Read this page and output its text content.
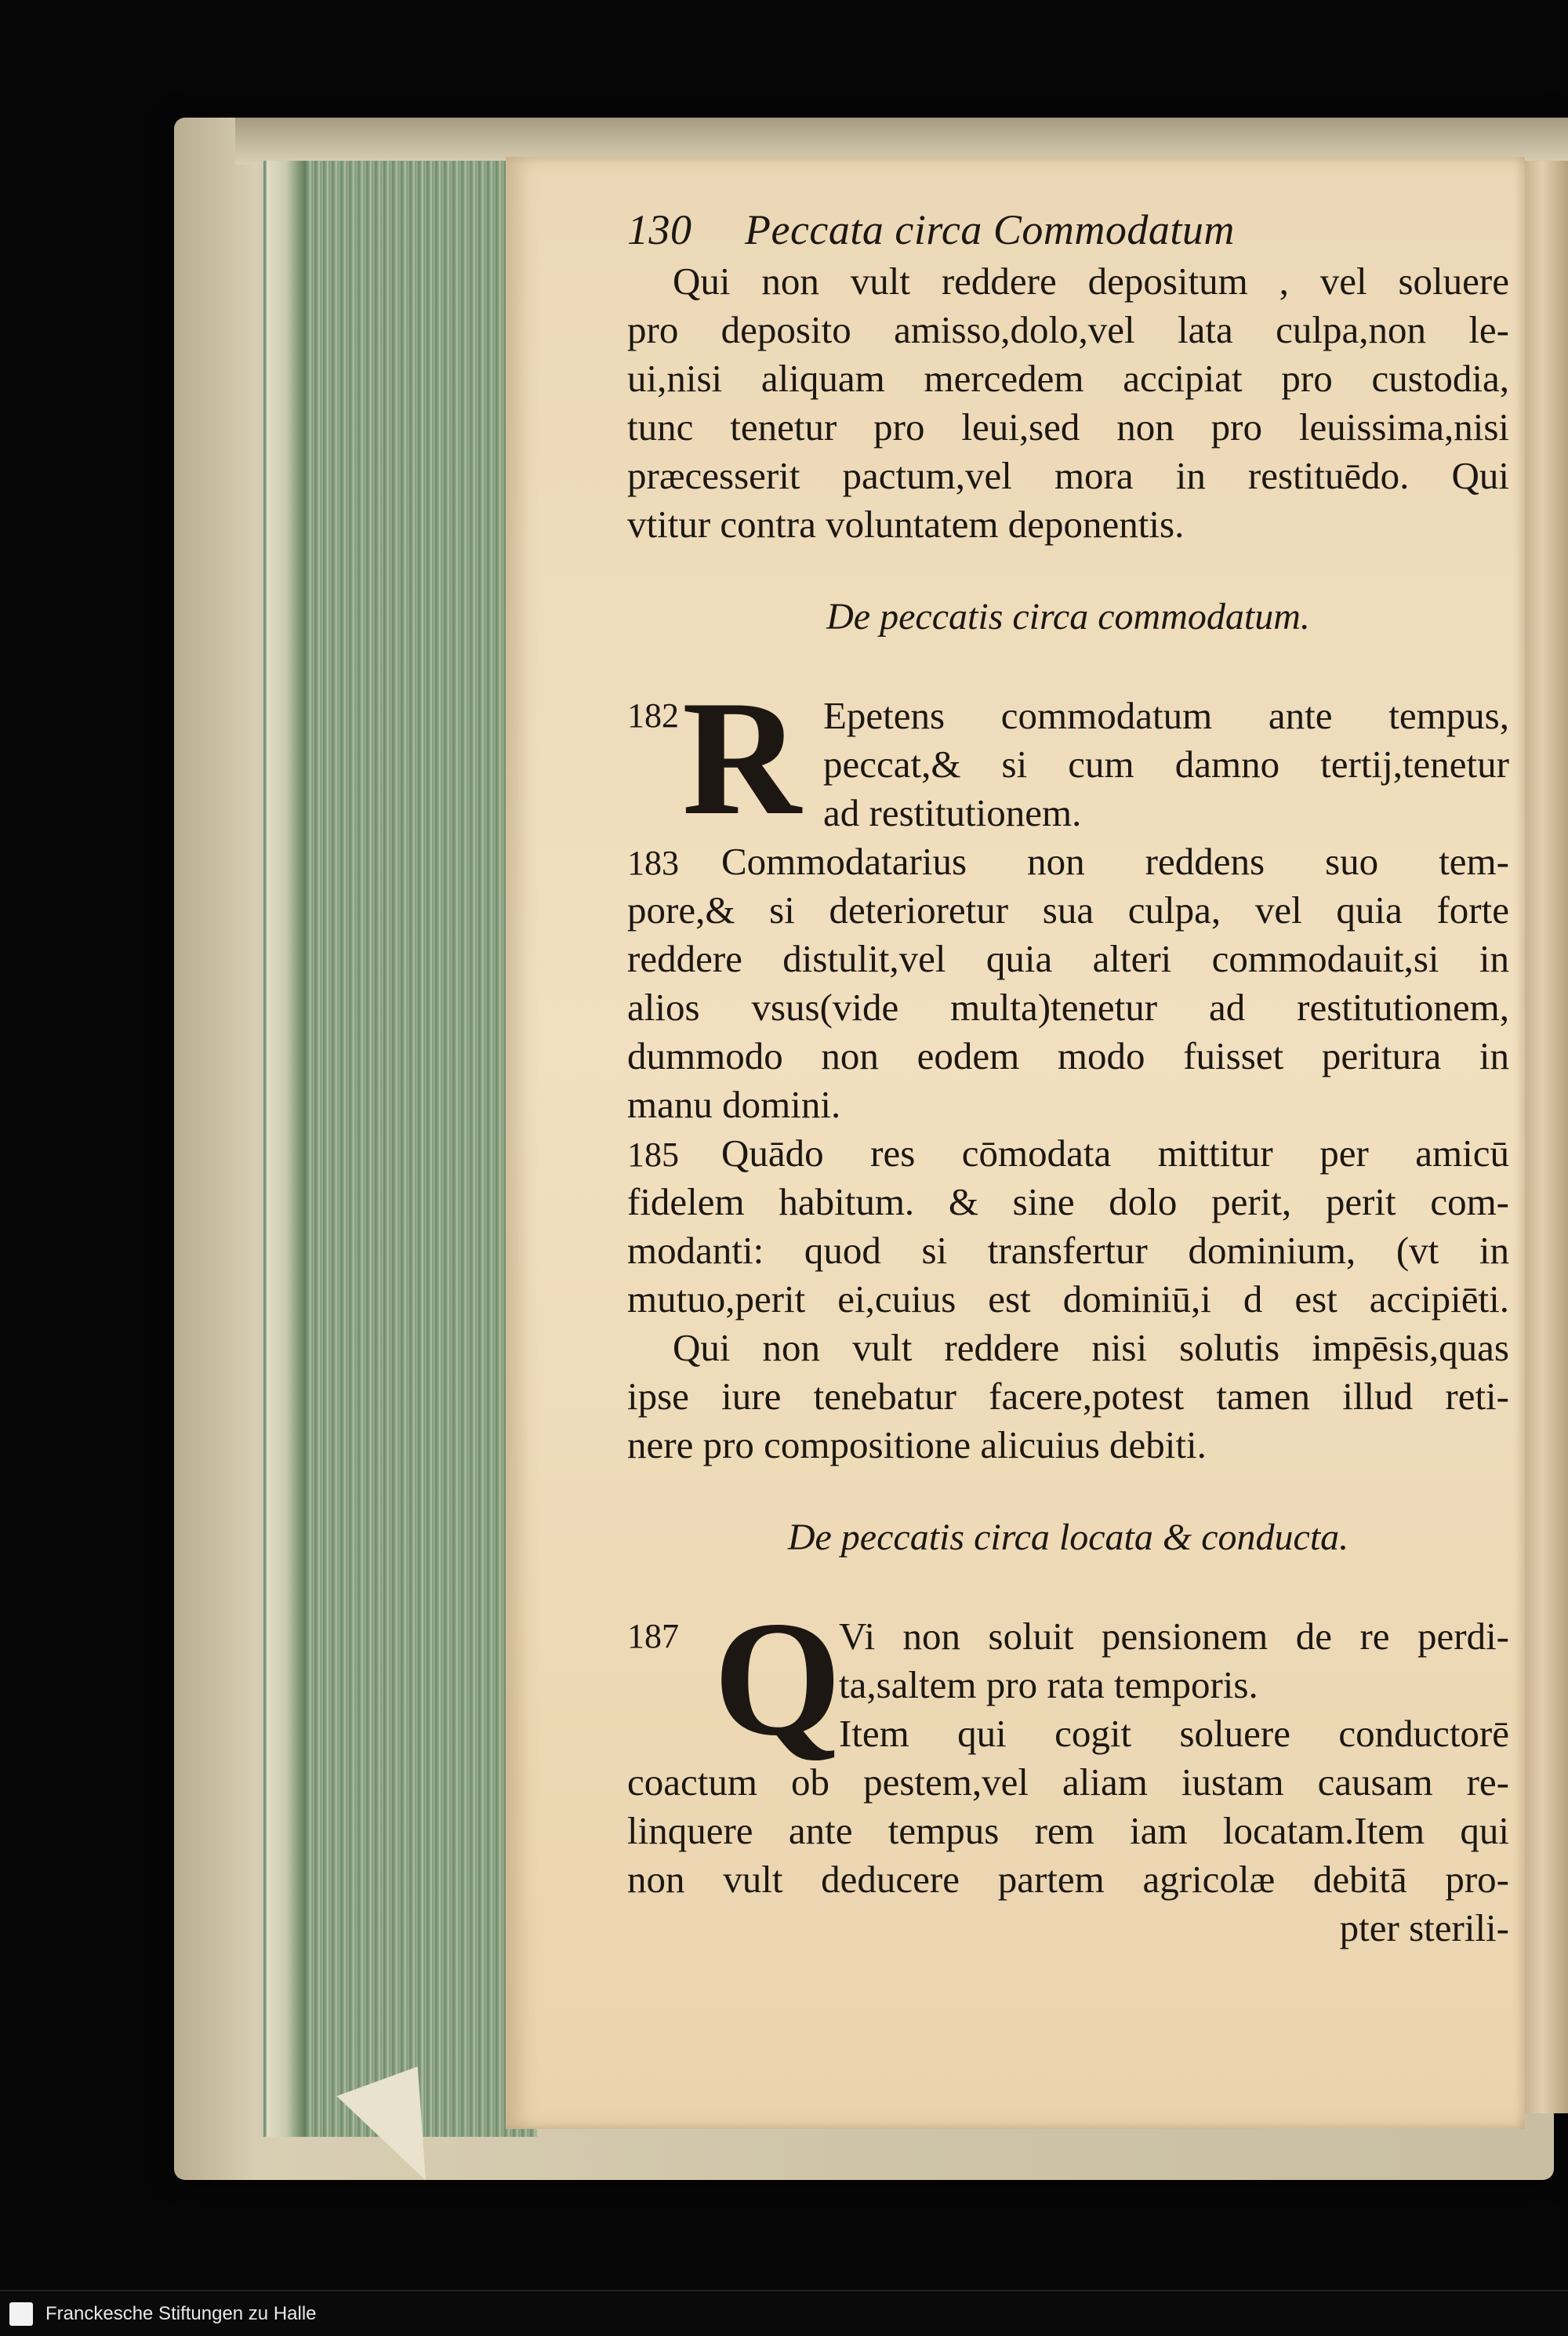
130	Peccata circa Commodatum
Qui non vult reddere depositum , vel soluere
pro deposito amisso,dolo,vel lata culpa,non le-
ui,nisi aliquam mercedem accipiat pro custodia,
tunc tenetur pro leui,sed non pro leuissima,nisi
præcesserit pactum,vel mora in restituēdo. Qui
vtitur contra voluntatem deponentis.
De peccatis circa commodatum.
182 R Epetens commodatum ante tempus,
peccat,& si cum damno tertij,tenetur
ad restitutionem.
183 Commodatarius non reddens suo tem-
pore,& si deterioretur sua culpa, vel quia forte
reddere distulit,vel quia alteri commodauit,si in
alios vsus(vide multa)tenetur ad restitutionem,
dummodo non eodem modo fuisset peritura in
manu domini.
185 Quādo res cōmodata mittitur per amicū
fidelem habitum. & sine dolo perit, perit com-
modanti: quod si transfertur dominium, (vt in
mutuo,perit ei,cuius est dominiū,i d est accipiēti.
Qui non vult reddere nisi solutis impēsis,quas
ipse iure tenebatur facere,potest tamen illud reti-
nere pro compositione alicuius debiti.
De peccatis circa locata & conducta.
187 Q
Vi non soluit pensionem de re perdi-
ta,saltem pro rata temporis.
Item qui cogit soluere conductorē
coactum ob pestem,vel aliam iustam causam re-
linquere ante tempus rem iam locatam.Item qui
non vult deducere partem agricolæ debitā pro-
pter sterili-
Franckesche Stiftungen zu Halle
